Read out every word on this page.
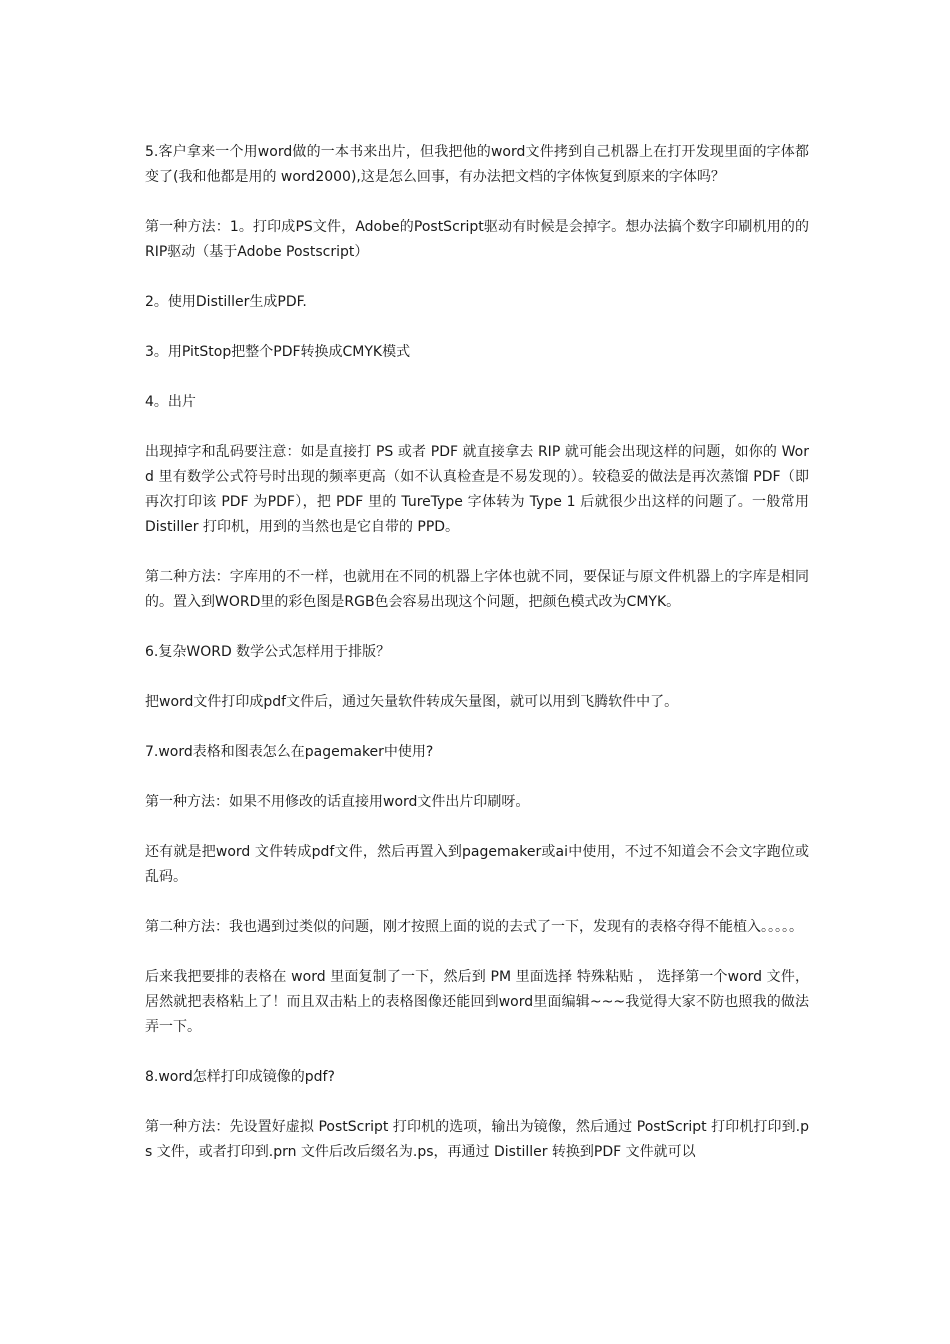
5.客户拿来一个用word做的一本书来出片，但我把他的word文件拷到自己机器上在打开发现里面的字体都变了(我和他都是用的 word2000),这是怎么回事，有办法把文档的字体恢复到原来的字体吗？

第一种方法：1。打印成PS文件，Adobe的PostScript驱动有时候是会掉字。想办法搞个数字印刷机用的的RIP驱动（基于Adobe Postscript）

2。使用Distiller生成PDF.

3。用PitStop把整个PDF转换成CMYK模式

4。出片

出现掉字和乱码要注意：如是直接打 PS 或者 PDF 就直接拿去 RIP 就可能会出现这样的问题，如你的 Word 里有数学公式符号时出现的频率更高（如不认真检查是不易发现的）。较稳妥的做法是再次蒸馏 PDF（即再次打印该 PDF 为PDF），把 PDF 里的 TureType 字体转为 Type 1 后就很少出这样的问题了。一般常用 Distiller 打印机，用到的当然也是它自带的 PPD。

第二种方法：字库用的不一样，也就用在不同的机器上字体也就不同，要保证与原文件机器上的字库是相同的。置入到WORD里的彩色图是RGB色会容易出现这个问题，把颜色模式改为CMYK。

6.复杂WORD 数学公式怎样用于排版？

把word文件打印成pdf文件后，通过矢量软件转成矢量图，就可以用到飞腾软件中了。

7.word表格和图表怎么在pagemaker中使用?

第一种方法：如果不用修改的话直接用word文件出片印刷呀。

还有就是把word 文件转成pdf文件，然后再置入到pagemaker或ai中使用，不过不知道会不会文字跑位或乱码。

第二种方法：我也遇到过类似的问题，刚才按照上面的说的去式了一下，发现有的表格夺得不能植入。。。。。

后来我把要排的表格在 word 里面复制了一下，然后到 PM 里面选择 特殊粘贴 ， 选择第一个word 文件，居然就把表格粘上了！而且双击粘上的表格图像还能回到word里面编辑~~~我觉得大家不防也照我的做法弄一下。

8.word怎样打印成镜像的pdf?

第一种方法：先设置好虚拟 PostScript 打印机的选项，输出为镜像，然后通过 PostScript 打印机打印到.ps 文件，或者打印到.prn 文件后改后缀名为.ps，再通过 Distiller 转换到PDF 文件就可以
